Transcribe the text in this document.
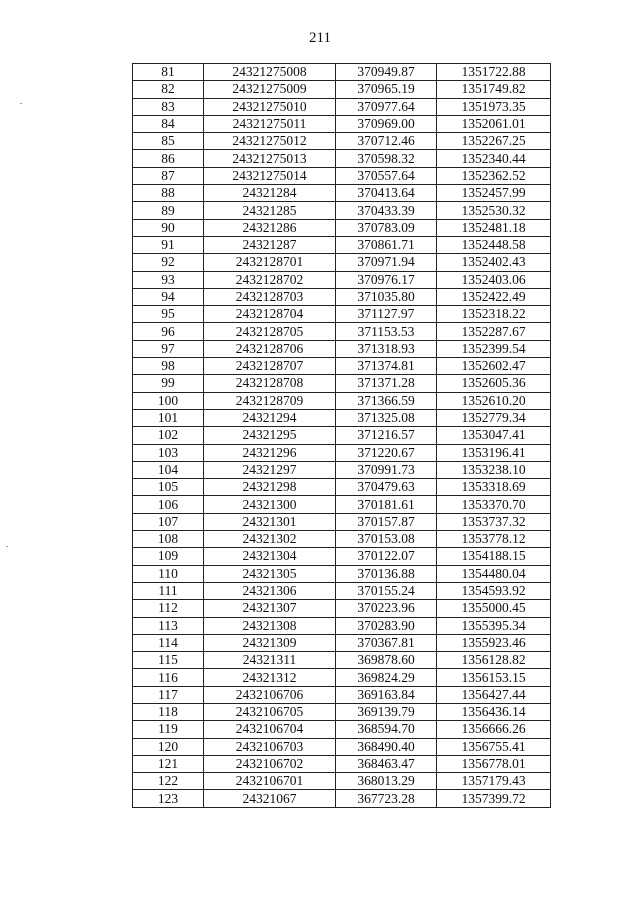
211
81	24321275008	370949.87	1351722.88
82	24321275009	370965.19	1351749.82
83	24321275010	370977.64	1351973.35
84	24321275011	370969.00	1352061.01
85	24321275012	370712.46	1352267.25
86	24321275013	370598.32	1352340.44
87	24321275014	370557.64	1352362.52
88	24321284	370413.64	1352457.99
89	24321285	370433.39	1352530.32
90	24321286	370783.09	1352481.18
91	24321287	370861.71	1352448.58
92	2432128701	370971.94	1352402.43
93	2432128702	370976.17	1352403.06
94	2432128703	371035.80	1352422.49
95	2432128704	371127.97	1352318.22
96	2432128705	371153.53	1352287.67
97	2432128706	371318.93	1352399.54
98	2432128707	371374.81	1352602.47
99	2432128708	371371.28	1352605.36
100	2432128709	371366.59	1352610.20
101	24321294	371325.08	1352779.34
102	24321295	371216.57	1353047.41
103	24321296	371220.67	1353196.41
104	24321297	370991.73	1353238.10
105	24321298	370479.63	1353318.69
106	24321300	370181.61	1353370.70
107	24321301	370157.87	1353737.32
108	24321302	370153.08	1353778.12
109	24321304	370122.07	1354188.15
110	24321305	370136.88	1354480.04
111	24321306	370155.24	1354593.92
112	24321307	370223.96	1355000.45
113	24321308	370283.90	1355395.34
114	24321309	370367.81	1355923.46
115	24321311	369878.60	1356128.82
116	24321312	369824.29	1356153.15
117	2432106706	369163.84	1356427.44
118	2432106705	369139.79	1356436.14
119	2432106704	368594.70	1356666.26
120	2432106703	368490.40	1356755.41
121	2432106702	368463.47	1356778.01
122	2432106701	368013.29	1357179.43
123	24321067	367723.28	1357399.72
